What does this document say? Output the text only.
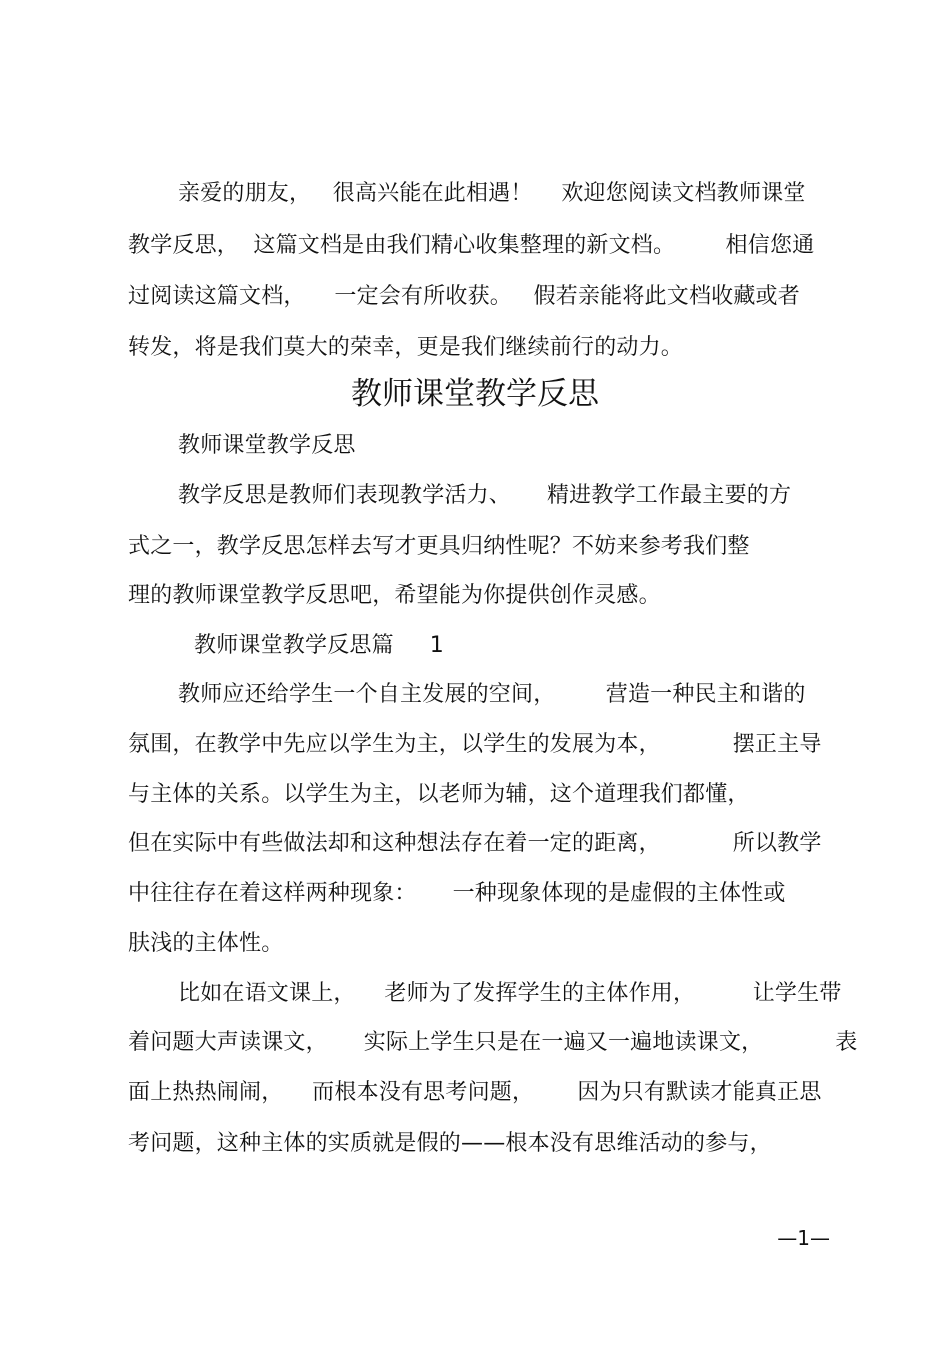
亲爱的朋友，   很高兴能在此相遇！    欢迎您阅读文档教师课堂
教学反思，  这篇文档是由我们精心收集整理的新文档。       相信您通
过阅读这篇文档，    一定会有所收获。   假若亲能将此文档收藏或者
转发，将是我们莫大的荣幸，更是我们继续前行的动力。
教师课堂教学反思
教师课堂教学反思
教学反思是教师们表现教学活力、     精进教学工作最主要的方
式之一，教学反思怎样去写才更具归纳性呢？不妨来参考我们整
理的教师课堂教学反思吧，希望能为你提供创作灵感。
教师课堂教学反思篇     1
教师应还给学生一个自主发展的空间，       营造一种民主和谐的
氛围，在教学中先应以学生为主，以学生的发展为本，          摆正主导
与主体的关系。以学生为主，以老师为辅，这个道理我们都懂，
但在实际中有些做法却和这种想法存在着一定的距离，          所以教学
中往往存在着这样两种现象：     一种现象体现的是虚假的主体性或
肤浅的主体性。
比如在语文课上，    老师为了发挥学生的主体作用，        让学生带
着问题大声读课文，     实际上学生只是在一遍又一遍地读课文，          表
面上热热闹闹，    而根本没有思考问题，      因为只有默读才能真正思
考问题，这种主体的实质就是假的——根本没有思维活动的参与，
—1—
